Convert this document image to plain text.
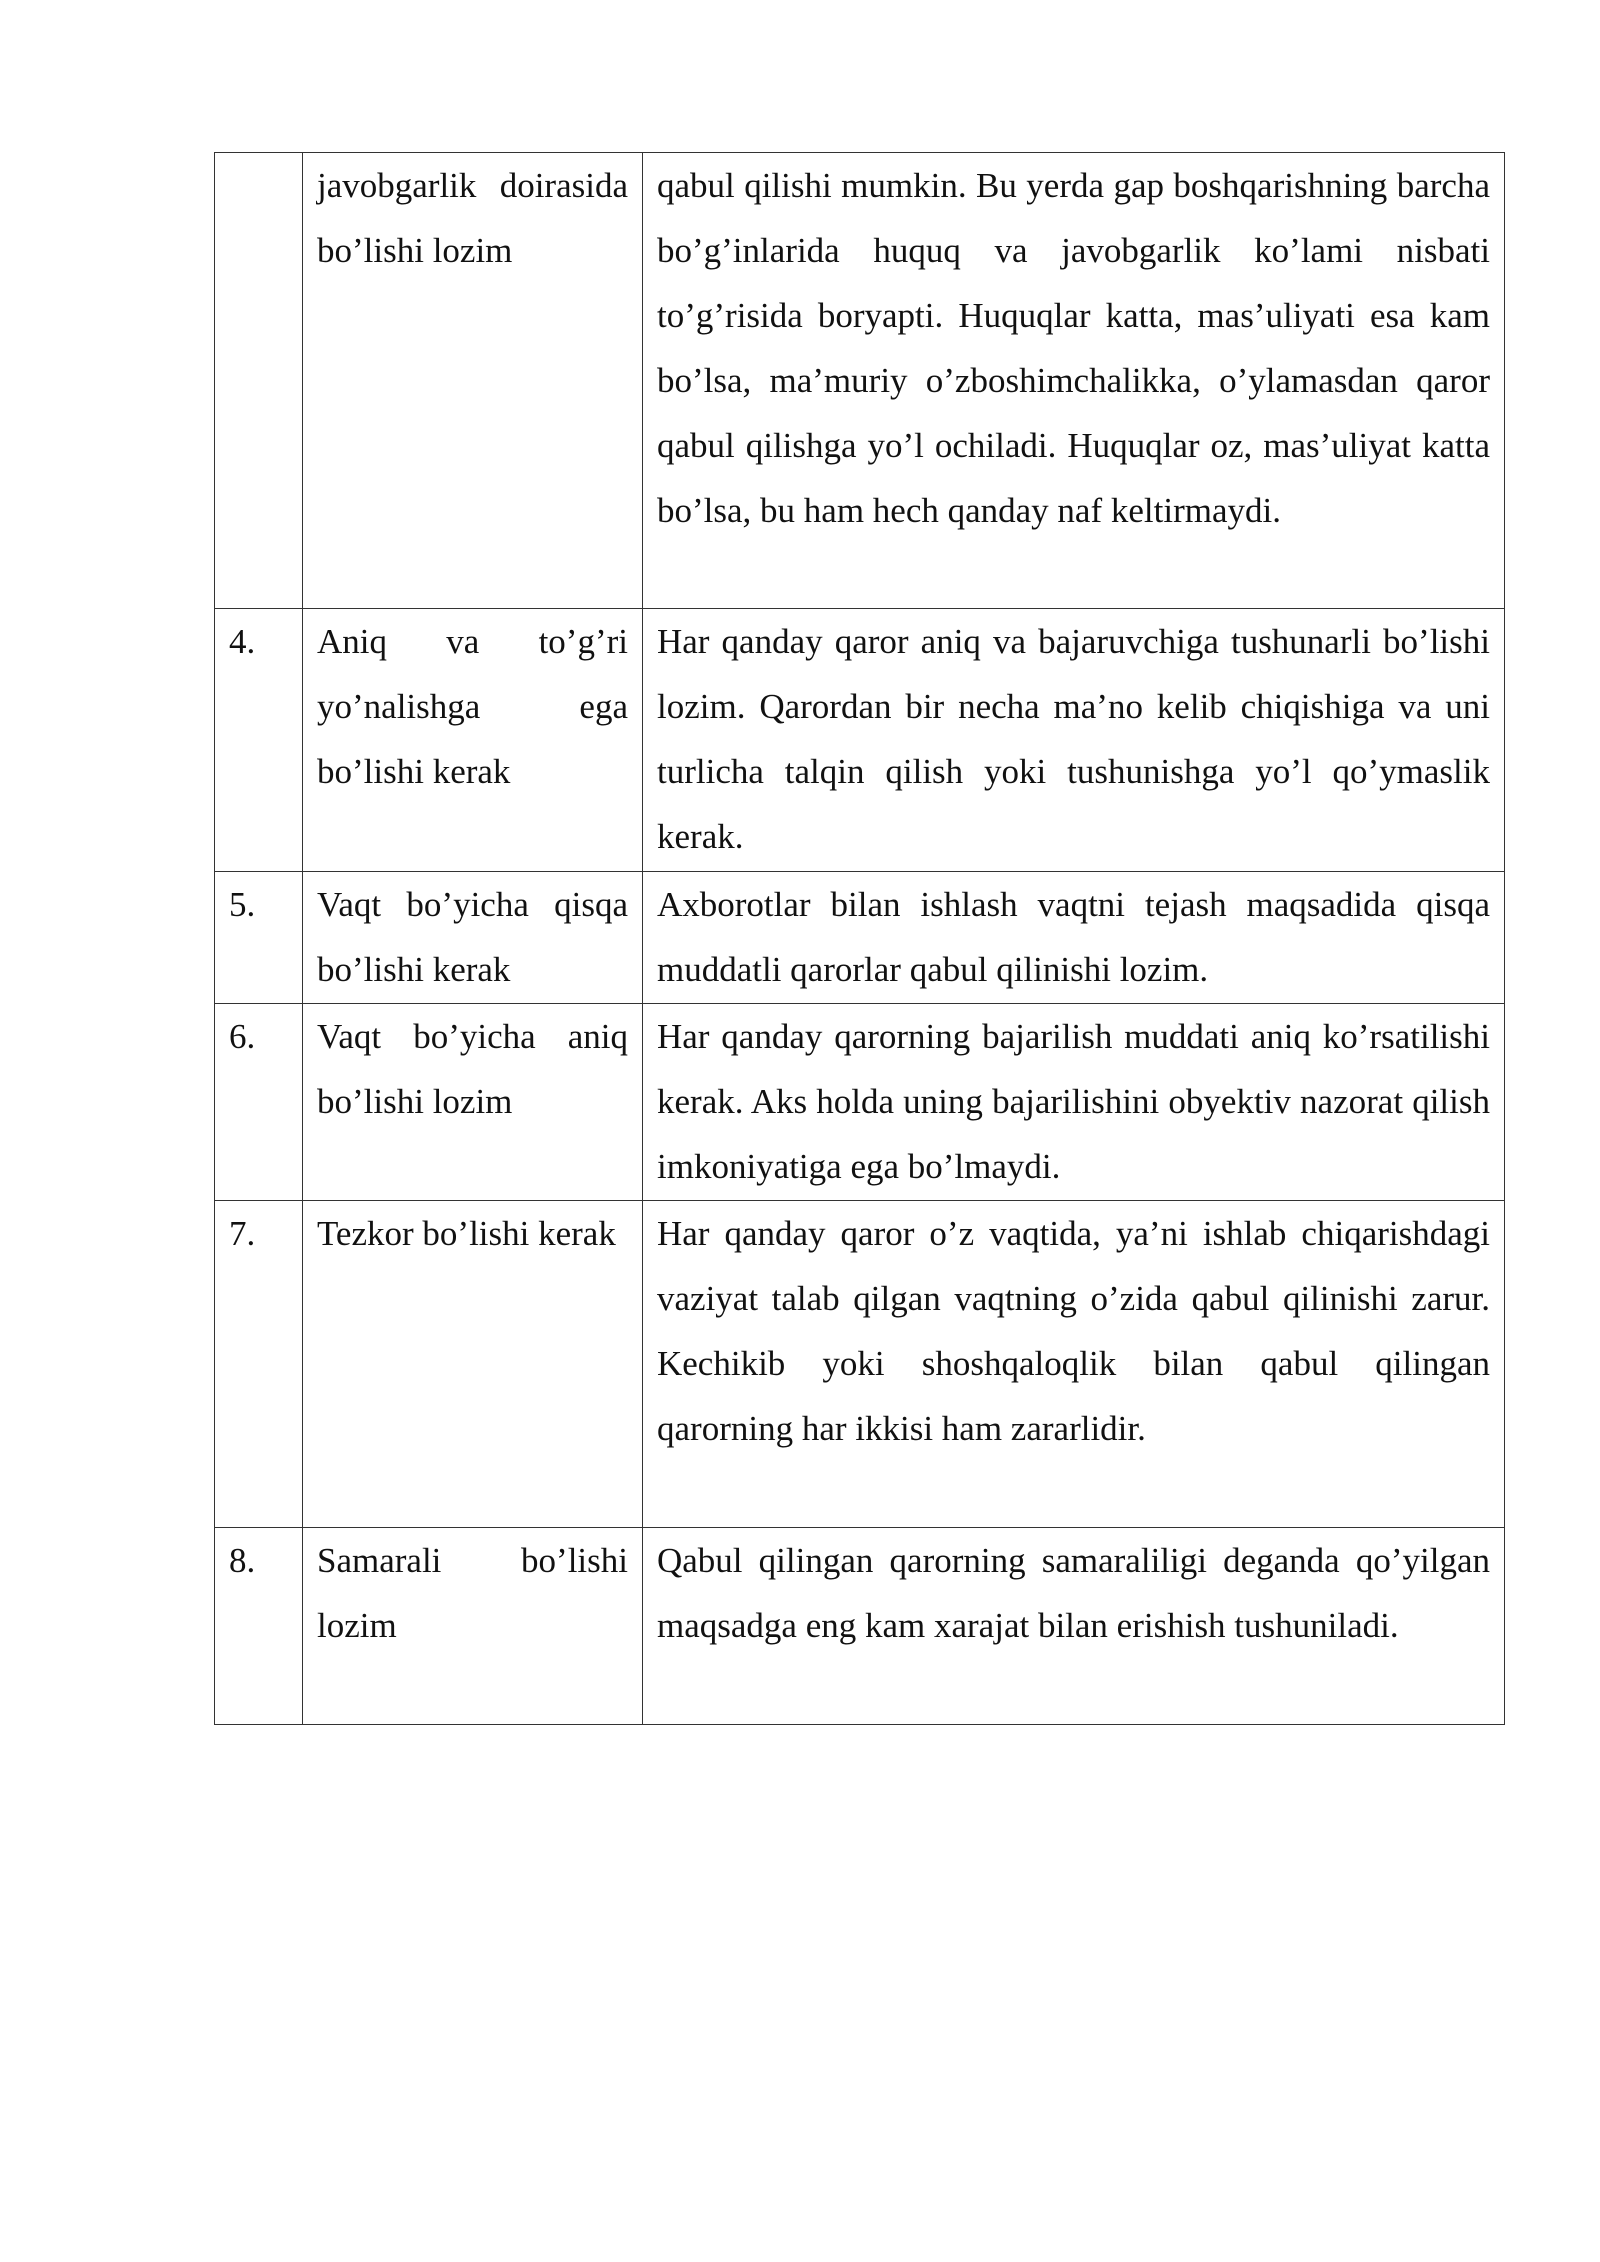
	javobgarlik doirasida bo’lishi lozim	qabul qilishi mumkin. Bu yerda gap boshqarishning barcha bo’g’inlarida huquq va javobgarlik ko’lami nisbati to’g’risida boryapti. Huquqlar katta, mas’uliyati esa kam bo’lsa, ma’muriy o’zboshimchalikka, o’ylamasdan qaror qabul qilishga yo’l ochiladi. Huquqlar oz, mas’uliyat katta bo’lsa, bu ham hech qanday naf keltirmaydi.
4.	Aniq va to’g’ri yo’nalishga ega bo’lishi kerak	Har qanday qaror aniq va bajaruvchiga tushunarli bo’lishi lozim. Qarordan bir necha ma’no kelib chiqishiga va uni turlicha talqin qilish yoki tushunishga yo’l qo’ymaslik kerak.
5.	Vaqt bo’yicha qisqa bo’lishi kerak	Axborotlar bilan ishlash vaqtni tejash maqsadida qisqa muddatli qarorlar qabul qilinishi lozim.
6.	Vaqt bo’yicha aniq bo’lishi lozim	Har qanday qarorning bajarilish muddati aniq ko’rsatilishi kerak. Aks holda uning bajarilishini obyektiv nazorat qilish imkoniyatiga ega bo’lmaydi.
7.	Tezkor bo’lishi kerak	Har qanday qaror o’z vaqtida, ya’ni ishlab chiqarishdagi vaziyat talab qilgan vaqtning o’zida qabul qilinishi zarur. Kechikib yoki shoshqaloqlik bilan qabul qilingan qarorning har ikkisi ham zararlidir.
8.	Samarali bo’lishi lozim	Qabul qilingan qarorning samaraliligi deganda qo’yilgan maqsadga eng kam xarajat bilan erishish tushuniladi.
